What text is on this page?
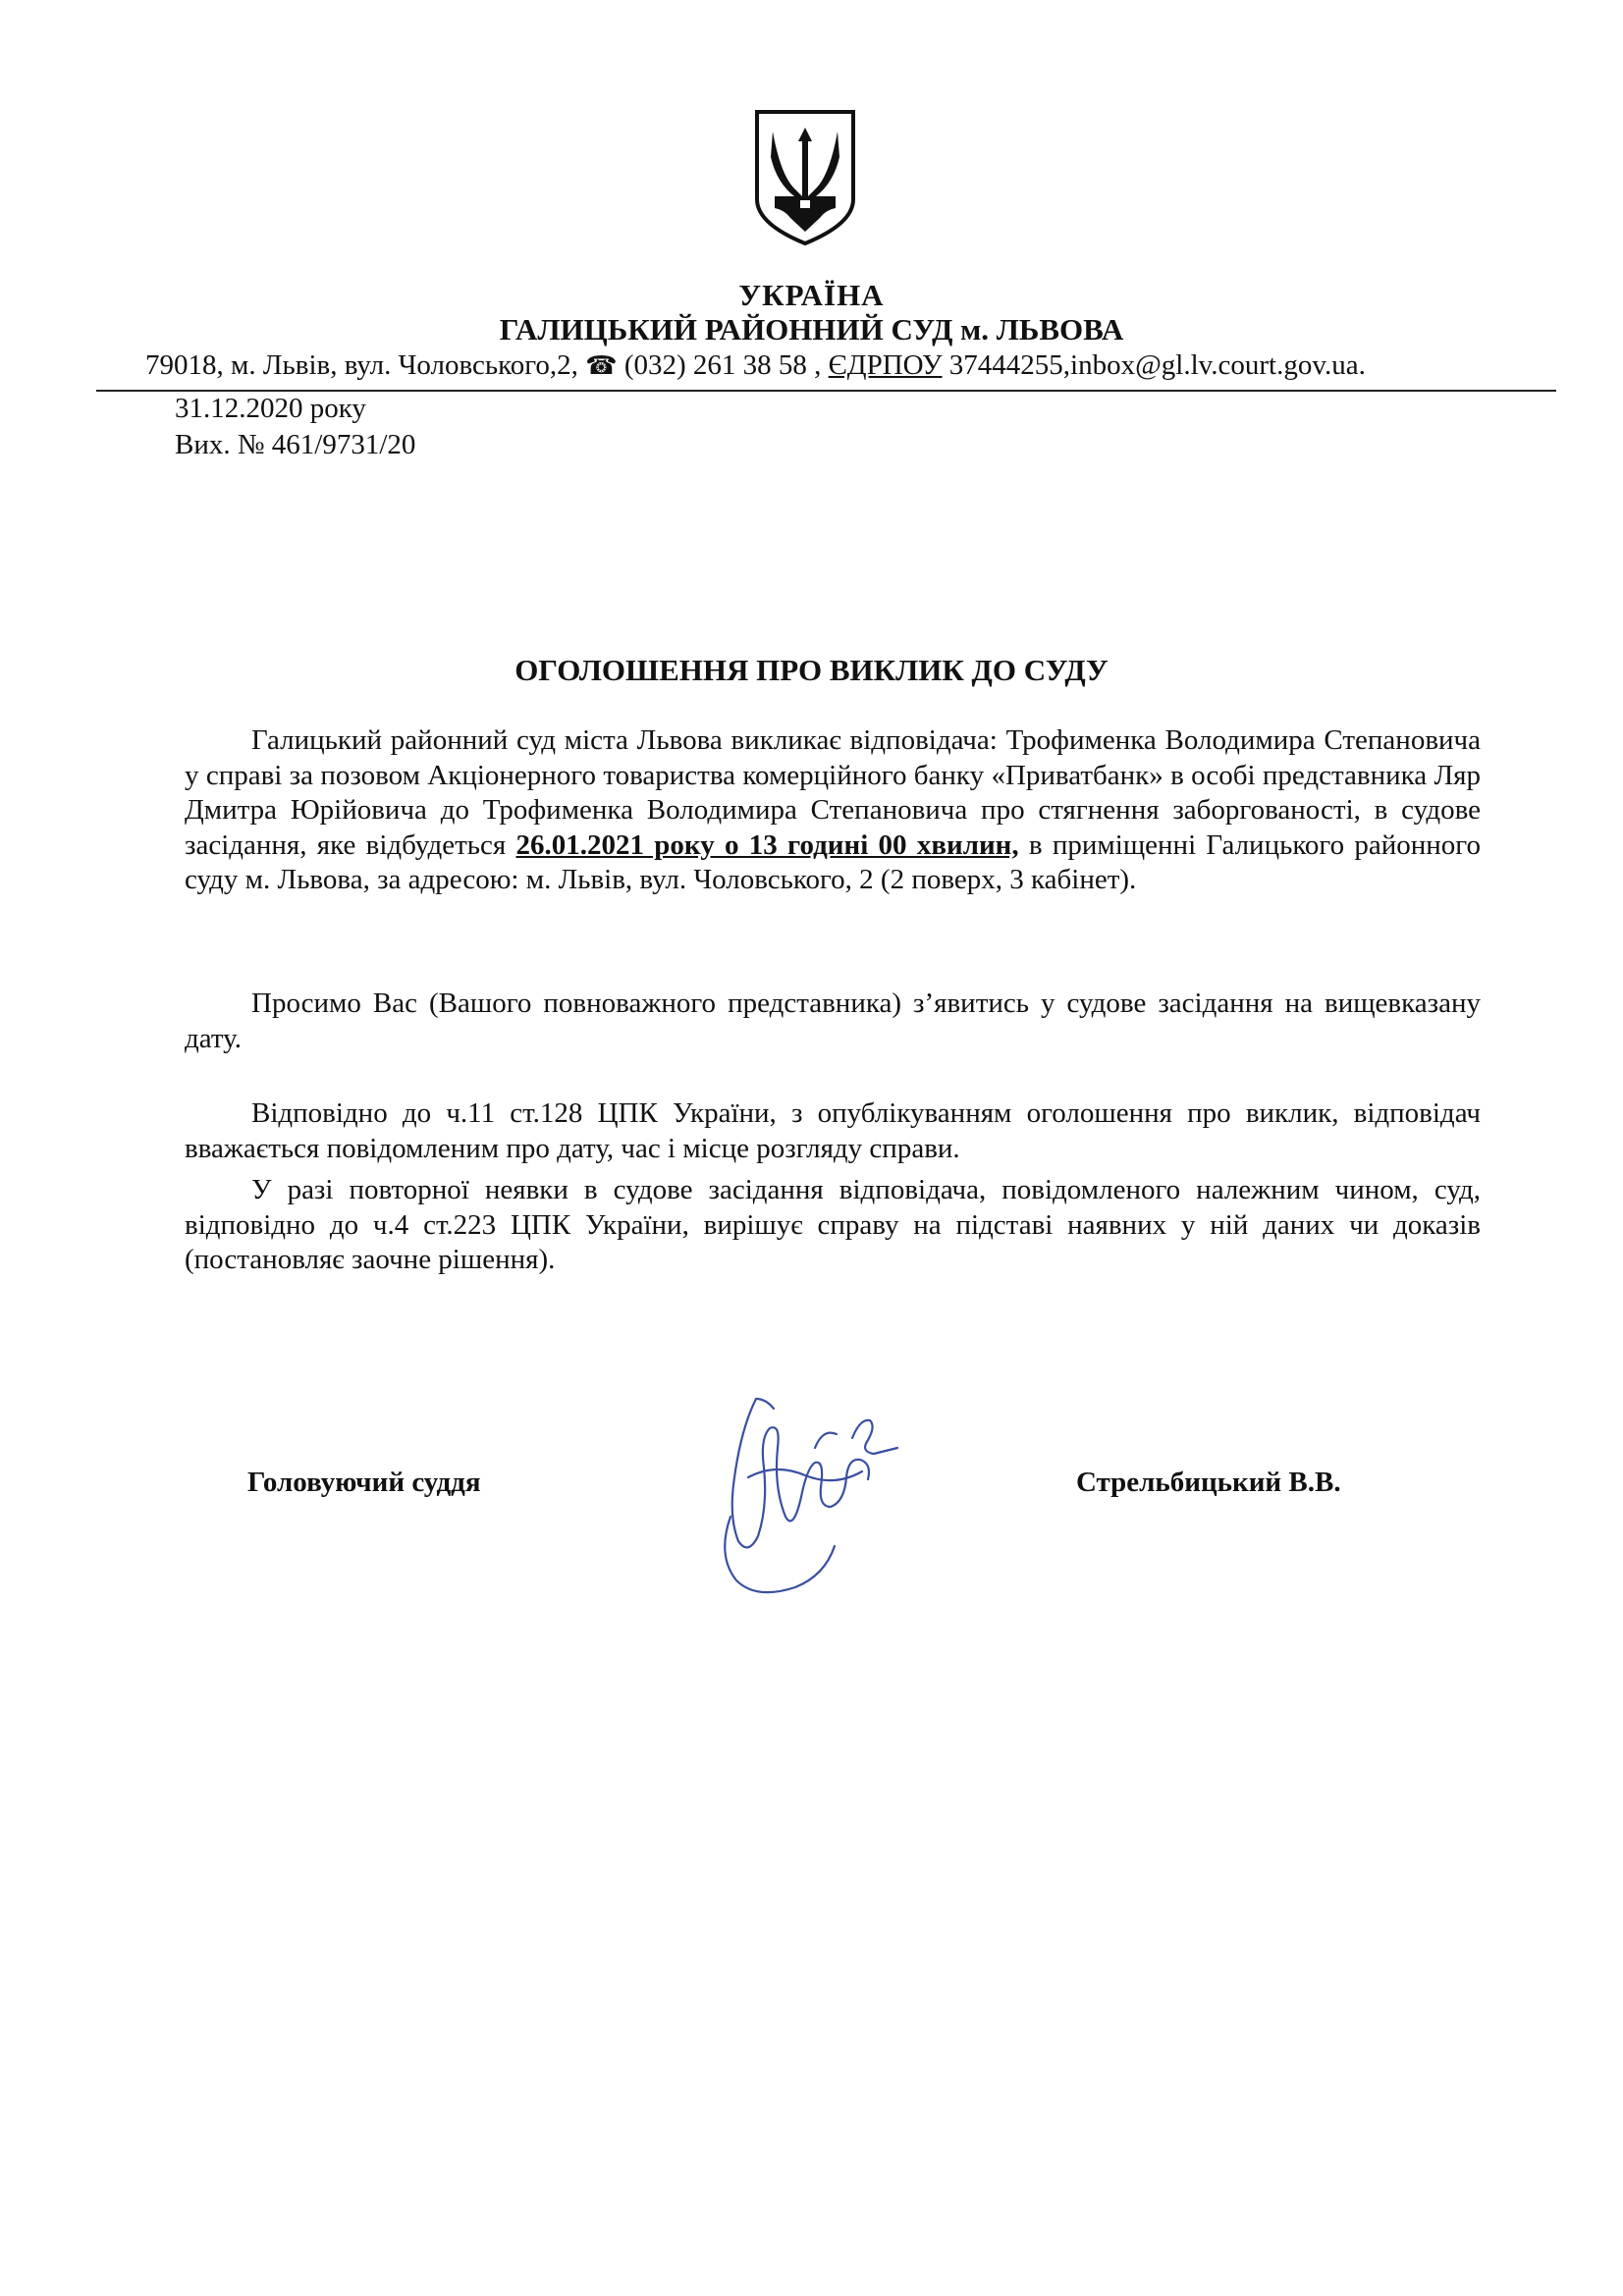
УКРАЇНА
ГАЛИЦЬКИЙ РАЙОННИЙ СУД м. ЛЬВОВА
79018, м. Львів, вул. Чоловського,2, ☎ (032) 261 38 58 , ЄДРПОУ 37444255,inbox@gl.lv.court.gov.ua.
31.12.2020 року
Вих. № 461/9731/20
ОГОЛОШЕННЯ ПРО ВИКЛИК ДО СУДУ
Галицький районний суд міста Львова викликає відповідача: Трофименка Володимира Степановича у справі за позовом Акціонерного товариства комерційного банку «Приватбанк» в особі представника Ляр Дмитра Юрійовича до Трофименка Володимира Степановича про стягнення заборгованості, в судове засідання, яке відбудеться 26.01.2021 року о 13 годині 00 хвилин, в приміщенні Галицького районного суду м. Львова, за адресою: м. Львів, вул. Чоловського, 2 (2 поверх, 3 кабінет).
Просимо Вас (Вашого повноважного представника) з’явитись у судове засідання на вищевказану дату.
Відповідно до ч.11 ст.128 ЦПК України, з опублікуванням оголошення про виклик, відповідач вважається повідомленим про дату, час і місце розгляду справи.
У разі повторної неявки в судове засідання відповідача, повідомленого належним чином, суд, відповідно до ч.4 ст.223 ЦПК України, вирішує справу на підставі наявних у ній даних чи доказів (постановляє заочне рішення).
Головуючий суддя	Стрельбицький В.В.
